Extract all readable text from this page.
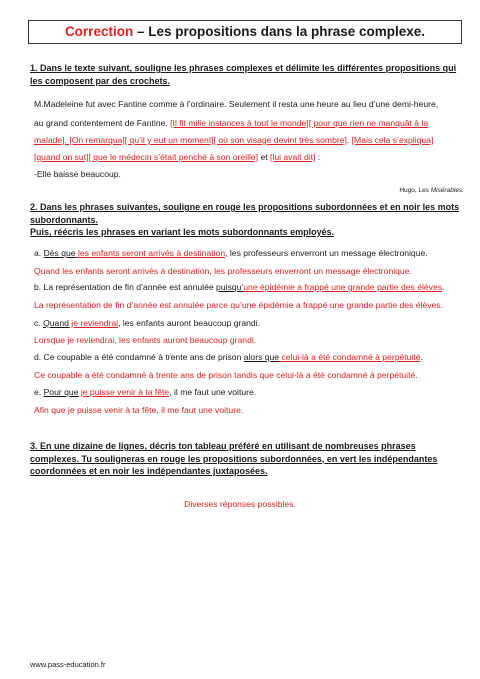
Correction – Les propositions dans la phrase complexe.
1. Dans le texte suivant, souligne les phrases complexes et délimite les différentes propositions qui
les composent par des crochets.
M.Madeleine fut avec Fantine comme à l’ordinaire. Seulement il resta une heure au lieu d’une demi-heure,
au grand contentement de Fantine. [Il fit mille instances à tout le monde][ pour que rien ne manquât à la
malade]. [On remarqua][ qu’il y eut un moment][ où son visage devint très sombre]. [Mais cela s’expliqua]
[quand on sut][ que le médecin s’était penché à son oreille] et [lui avait dit] :
-Elle baisse beaucoup.
Hugo, Les Misérables.
2. Dans les phrases suivantes, souligne en rouge les propositions subordonnées et en noir les mots
subordonnants.
Puis, réécris les phrases en variant les mots subordonnants employés.
a. Dès que les enfants seront arrivés à destination, les professeurs enverront un message électronique.
Quand les enfants seront arrivés à destination, les professeurs enverront un message électronique.
b. La représentation de fin d’année est annulée puisqu’une épidémie a frappé une grande partie des élèves.
La représentation de fin d’année est annulée parce qu’une épidémie a frappé une grande partie des élèves.
c. Quand je reviendrai, les enfants auront beaucoup grandi.
Lorsque je reviendrai, les enfants auront beaucoup grandi.
d. Ce coupable a été condamné à trente ans de prison alors que celui-là a été condamné à perpétuité.
Ce coupable a été condamné à trente ans de prison tandis que celui-là a été condamné à perpétuité.
e. Pour que je puisse venir à ta fête, il me faut une voiture.
Afin que je puisse venir à ta fête, il me faut une voiture.
3. En une dizaine de lignes, décris ton tableau préféré en utilisant de nombreuses phrases
complexes. Tu souligneras en rouge les propositions subordonnées, en vert les indépendantes
coordonnées et en noir les indépendantes juxtaposées.
Diverses réponses possibles.
www.pass-education.fr
